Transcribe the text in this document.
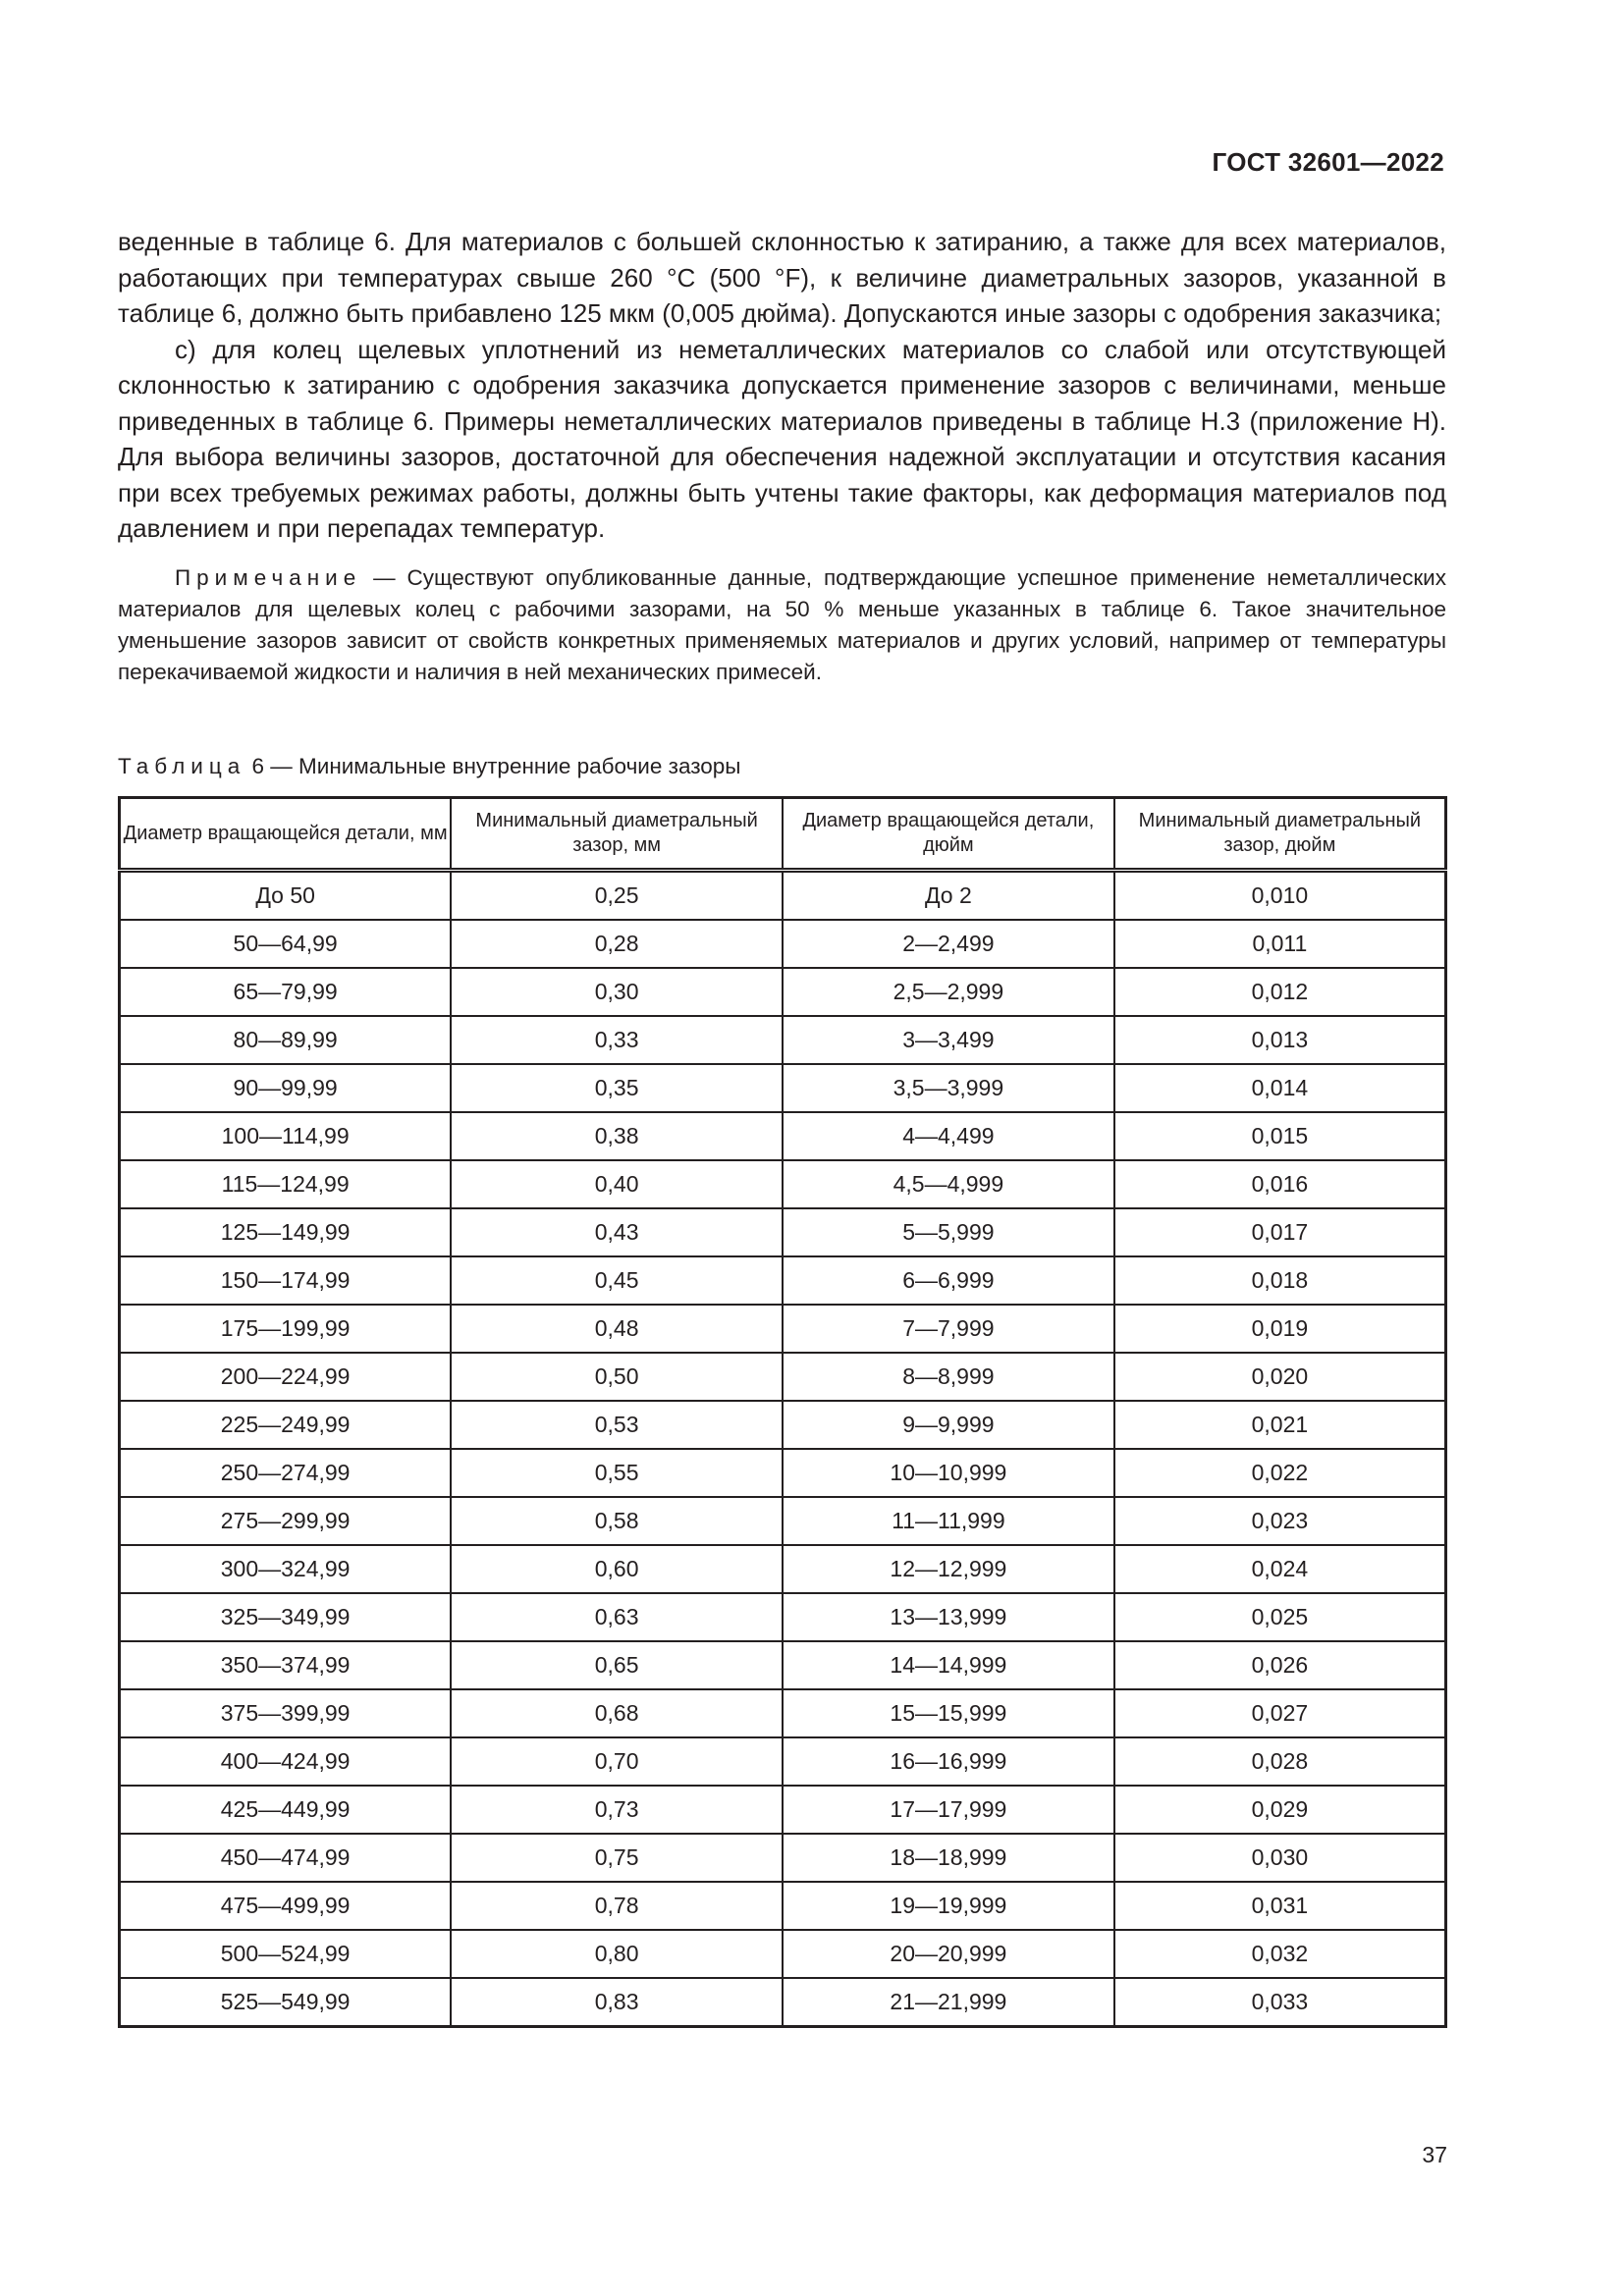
ГОСТ 32601—2022

веденные в таблице 6. Для материалов с большей склонностью к затиранию, а также для всех материалов, работающих при температурах свыше 260 °С (500 °F), к величине диаметральных зазоров, указанной в таблице 6, должно быть прибавлено 125 мкм (0,005 дюйма). Допускаются иные зазоры с одобрения заказчика;

c) для колец щелевых уплотнений из неметаллических материалов со слабой или отсутствующей склонностью к затиранию с одобрения заказчика допускается применение зазоров с величинами, меньше приведенных в таблице 6. Примеры неметаллических материалов приведены в таблице Н.3 (приложение Н). Для выбора величины зазоров, достаточной для обеспечения надежной эксплуатации и отсутствия касания при всех требуемых режимах работы, должны быть учтены такие факторы, как деформация материалов под давлением и при перепадах температур.

Примечание — Существуют опубликованные данные, подтверждающие успешное применение неметаллических материалов для щелевых колец с рабочими зазорами, на 50 % меньше указанных в таблице 6. Такое значительное уменьшение зазоров зависит от свойств конкретных применяемых материалов и других условий, например от температуры перекачиваемой жидкости и наличия в ней механических примесей.

Таблица 6 — Минимальные внутренние рабочие зазоры
Диаметр вращающейся детали, мм	Минимальный диаметральный зазор, мм	Диаметр вращающейся детали, дюйм	Минимальный диаметральный зазор, дюйм
До 50	0,25	До 2	0,010
50—64,99	0,28	2—2,499	0,011
65—79,99	0,30	2,5—2,999	0,012
80—89,99	0,33	3—3,499	0,013
90—99,99	0,35	3,5—3,999	0,014
100—114,99	0,38	4—4,499	0,015
115—124,99	0,40	4,5—4,999	0,016
125—149,99	0,43	5—5,999	0,017
150—174,99	0,45	6—6,999	0,018
175—199,99	0,48	7—7,999	0,019
200—224,99	0,50	8—8,999	0,020
225—249,99	0,53	9—9,999	0,021
250—274,99	0,55	10—10,999	0,022
275—299,99	0,58	11—11,999	0,023
300—324,99	0,60	12—12,999	0,024
325—349,99	0,63	13—13,999	0,025
350—374,99	0,65	14—14,999	0,026
375—399,99	0,68	15—15,999	0,027
400—424,99	0,70	16—16,999	0,028
425—449,99	0,73	17—17,999	0,029
450—474,99	0,75	18—18,999	0,030
475—499,99	0,78	19—19,999	0,031
500—524,99	0,80	20—20,999	0,032
525—549,99	0,83	21—21,999	0,033
37
